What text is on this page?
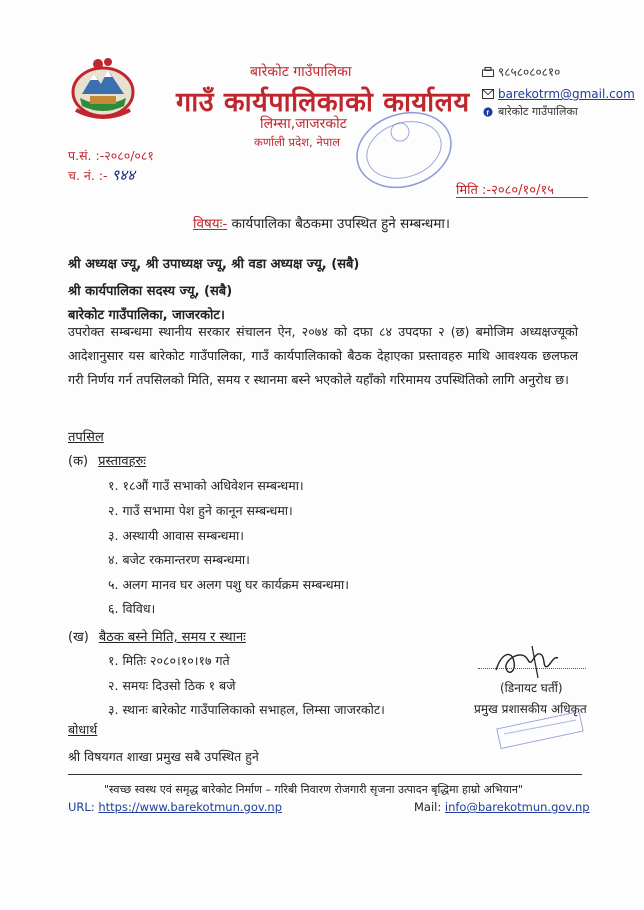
बारेकोट गाउँपालिका
गाउँ कार्यपालिकाको कार्यालय
लिम्सा,जाजरकोट
कर्णाली प्रदेश, नेपाल
९८५८०८०८१०
barekotrm@gmail.com
f बारेकोट गाउँपालिका
प.सं. :-२०८०/०८१
च. नं. :- ९४४
मिति :-२०८०/१०/१५
विषयः- कार्यपालिका बैठकमा उपस्थित हुने सम्बन्धमा।
श्री अध्यक्ष ज्यू, श्री उपाध्यक्ष ज्यू, श्री वडा अध्यक्ष ज्यू, (सबै)
श्री कार्यपालिका सदस्य ज्यू, (सबै)
बारेकोट गाउँपालिका, जाजरकोट।
उपरोक्त सम्बन्धमा स्थानीय सरकार संचालन ऐन, २०७४ को दफा ८४ उपदफा २ (छ) बमोजिम अध्यक्षज्यूको आदेशानुसार यस बारेकोट गाउँपालिका, गाउँ कार्यपालिकाको बैठक देहाएका प्रस्तावहरु माथि आवश्यक छलफल गरी निर्णय गर्न तपसिलको मिति, समय र स्थानमा बस्ने भएकोले यहाँको गरिमामय उपस्थितिको लागि अनुरोध छ।
तपसिल
(क) प्रस्तावहरुः
१. १८औं गाउँ सभाको अधिवेशन सम्बन्धमा।
२. गाउँ सभामा पेश हुने कानून सम्बन्धमा।
३. अस्थायी आवास सम्बन्धमा।
४. बजेट रकमान्तरण सम्बन्धमा।
५. अलग मानव घर अलग पशु घर कार्यक्रम सम्बन्धमा।
६. विविध।
(ख) बैठक बस्ने मिति, समय र स्थानः
१. मितिः २०८०।१०।१७ गते
२. समयः दिउसो ठिक १ बजे
३. स्थानः बारेकोट गाउँपालिकाको सभाहल, लिम्सा जाजरकोट।
(डिनायट घर्ती)
प्रमुख प्रशासकीय अधिकृत
बोधार्थ
श्री विषयगत शाखा प्रमुख सबै उपस्थित हुने
"स्वच्छ स्वस्थ एवं समृद्ध बारेकोट निर्माण – गरिबी निवारण रोजगारी सृजना उत्पादन बृद्धिमा हाम्रो अभियान"
URL: https://www.barekotmun.gov.np	Mail: info@barekotmun.gov.np
